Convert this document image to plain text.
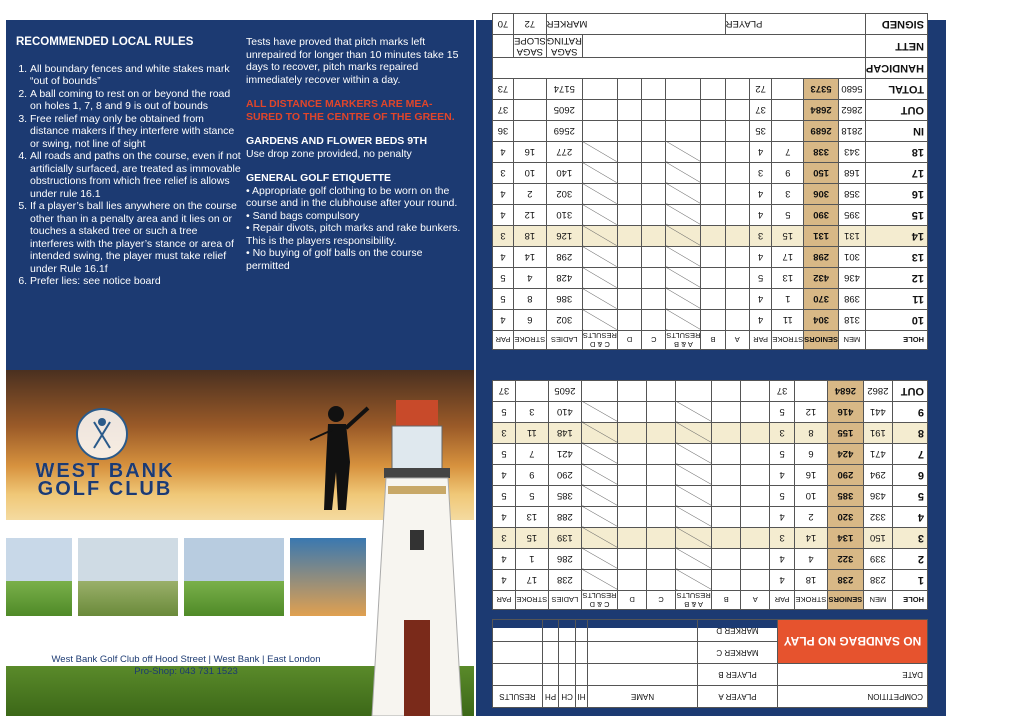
RECOMMENDED LOCAL RULES
1. All boundary fences and white stakes mark “out of bounds”
2. A ball coming to rest on or beyond the road on holes 1, 7, 8 and 9 is out of bounds
3. Free relief may only be obtained from distance makers if they interfere with stance or swing, not line of sight
4. All roads and paths on the course, even if not artificially surfaced, are treated as immovable obstructions from which free relief is allows under rule 16.1
5. If a player’s ball lies anywhere on the course other than in a penalty area and it lies on or touches a staked tree or such a tree interferes with the player’s stance or area of intended swing, the player must take relief under Rule 16.1f
6. Prefer lies: see notice board
Tests have proved that pitch marks left unrepaired for longer than 10 minutes take 15 days to recover, pitch marks repaired immediately recover within a day.
ALL DISTANCE MARKERS ARE MEA-SURED TO THE CENTRE OF THE GREEN.
GARDENS AND FLOWER BEDS 9TH
Use drop zone provided, no penalty
GENERAL GOLF ETIQUETTE
• Appropriate golf clothing to be worn on the course and in the clubhouse after your round.
• Sand bags compulsory
• Repair divots, pitch marks and rake bunkers. This is the players responsibility.
• No buying of golf balls on the course permitted
WEST BANK
GOLF CLUB
West Bank Golf Club off Hood Street | West Bank | East London
Pro-Shop: 043 731 1523
COMPETITION	PLAYER A	NAME	HI	CH	PH	RESULTS
DATE	PLAYER B					
NO SANDBAG NO PLAY	MARKER C					
	MARKER D					
HOLE	MEN	SENIORS	STROKE	PAR	A	B	A & B RESULTS	C	D	C & D RESULTS	LADIES	STROKE	PAR
1	238	238	18	4							238	17	4
2	339	322	4	4							286	1	4
3	150	134	14	3							139	15	3
4	332	320	2	4							288	13	4
5	436	385	10	5							385	5	5
6	294	290	16	4							290	9	4
7	471	424	6	5							421	7	5
8	191	155	8	3							148	11	3
9	441	416	12	5							410	3	5
OUT	2862	2684		37							2605		37
HOLE	MEN	SENIORS	STROKE	PAR	A	B	A & B RESULTS	C	D	C & D RESULTS	LADIES	STROKE	PAR
10	318	304	11	4							302	6	4
11	398	370	1	4							386	8	5
12	436	432	13	5							428	4	5
13	301	298	17	4							298	14	4
14	131	131	15	3							126	18	3
15	395	390	5	4							310	12	4
16	358	306	3	4							302	2	4
17	168	150	9	3							140	10	3
18	343	338	7	4							277	16	4
IN	2818	2689		35							2569		36
OUT	2862	2684		37							2605		37
TOTAL	5680	5373		72							5174		73
HANDICAP													
NETT											SAGA RATING	SAGA SLOPE	
SIGNED	PLAYER					MARKER						72	70
